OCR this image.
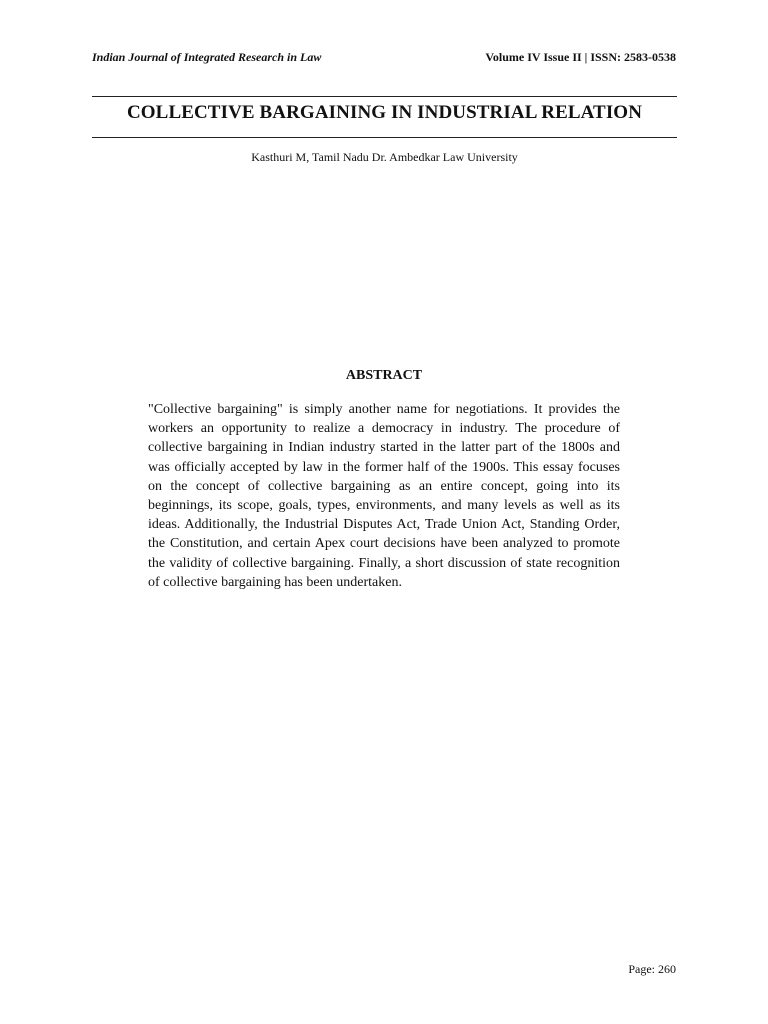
Indian Journal of Integrated Research in Law	Volume IV Issue II | ISSN: 2583-0538
COLLECTIVE BARGAINING IN INDUSTRIAL RELATION
Kasthuri M, Tamil Nadu Dr. Ambedkar Law University
ABSTRACT

"Collective bargaining" is simply another name for negotiations. It provides the workers an opportunity to realize a democracy in industry. The procedure of collective bargaining in Indian industry started in the latter part of the 1800s and was officially accepted by law in the former half of the 1900s. This essay focuses on the concept of collective bargaining as an entire concept, going into its beginnings, its scope, goals, types, environments, and many levels as well as its ideas. Additionally, the Industrial Disputes Act, Trade Union Act, Standing Order, the Constitution, and certain Apex court decisions have been analyzed to promote the validity of collective bargaining. Finally, a short discussion of state recognition of collective bargaining has been undertaken.

Page: 260
